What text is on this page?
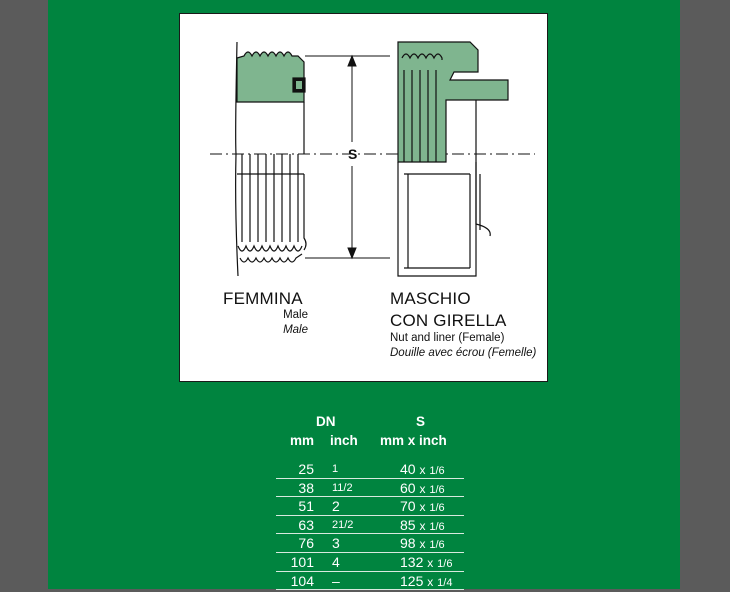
S
FEMMINA
Male
Male
MASCHIO
CON GIRELLA
Nut and liner (Female)
Douille avec écrou (Femelle)
DN	S
mm inch mm x inch
25 1	40 x 1/6
38 11/2	60 x 1/6
51 2	70 x 1/6
63 21/2	85 x 1/6
76 3	98 x 1/6
101 4	132 x 1/6
104 –	125 x 1/4
